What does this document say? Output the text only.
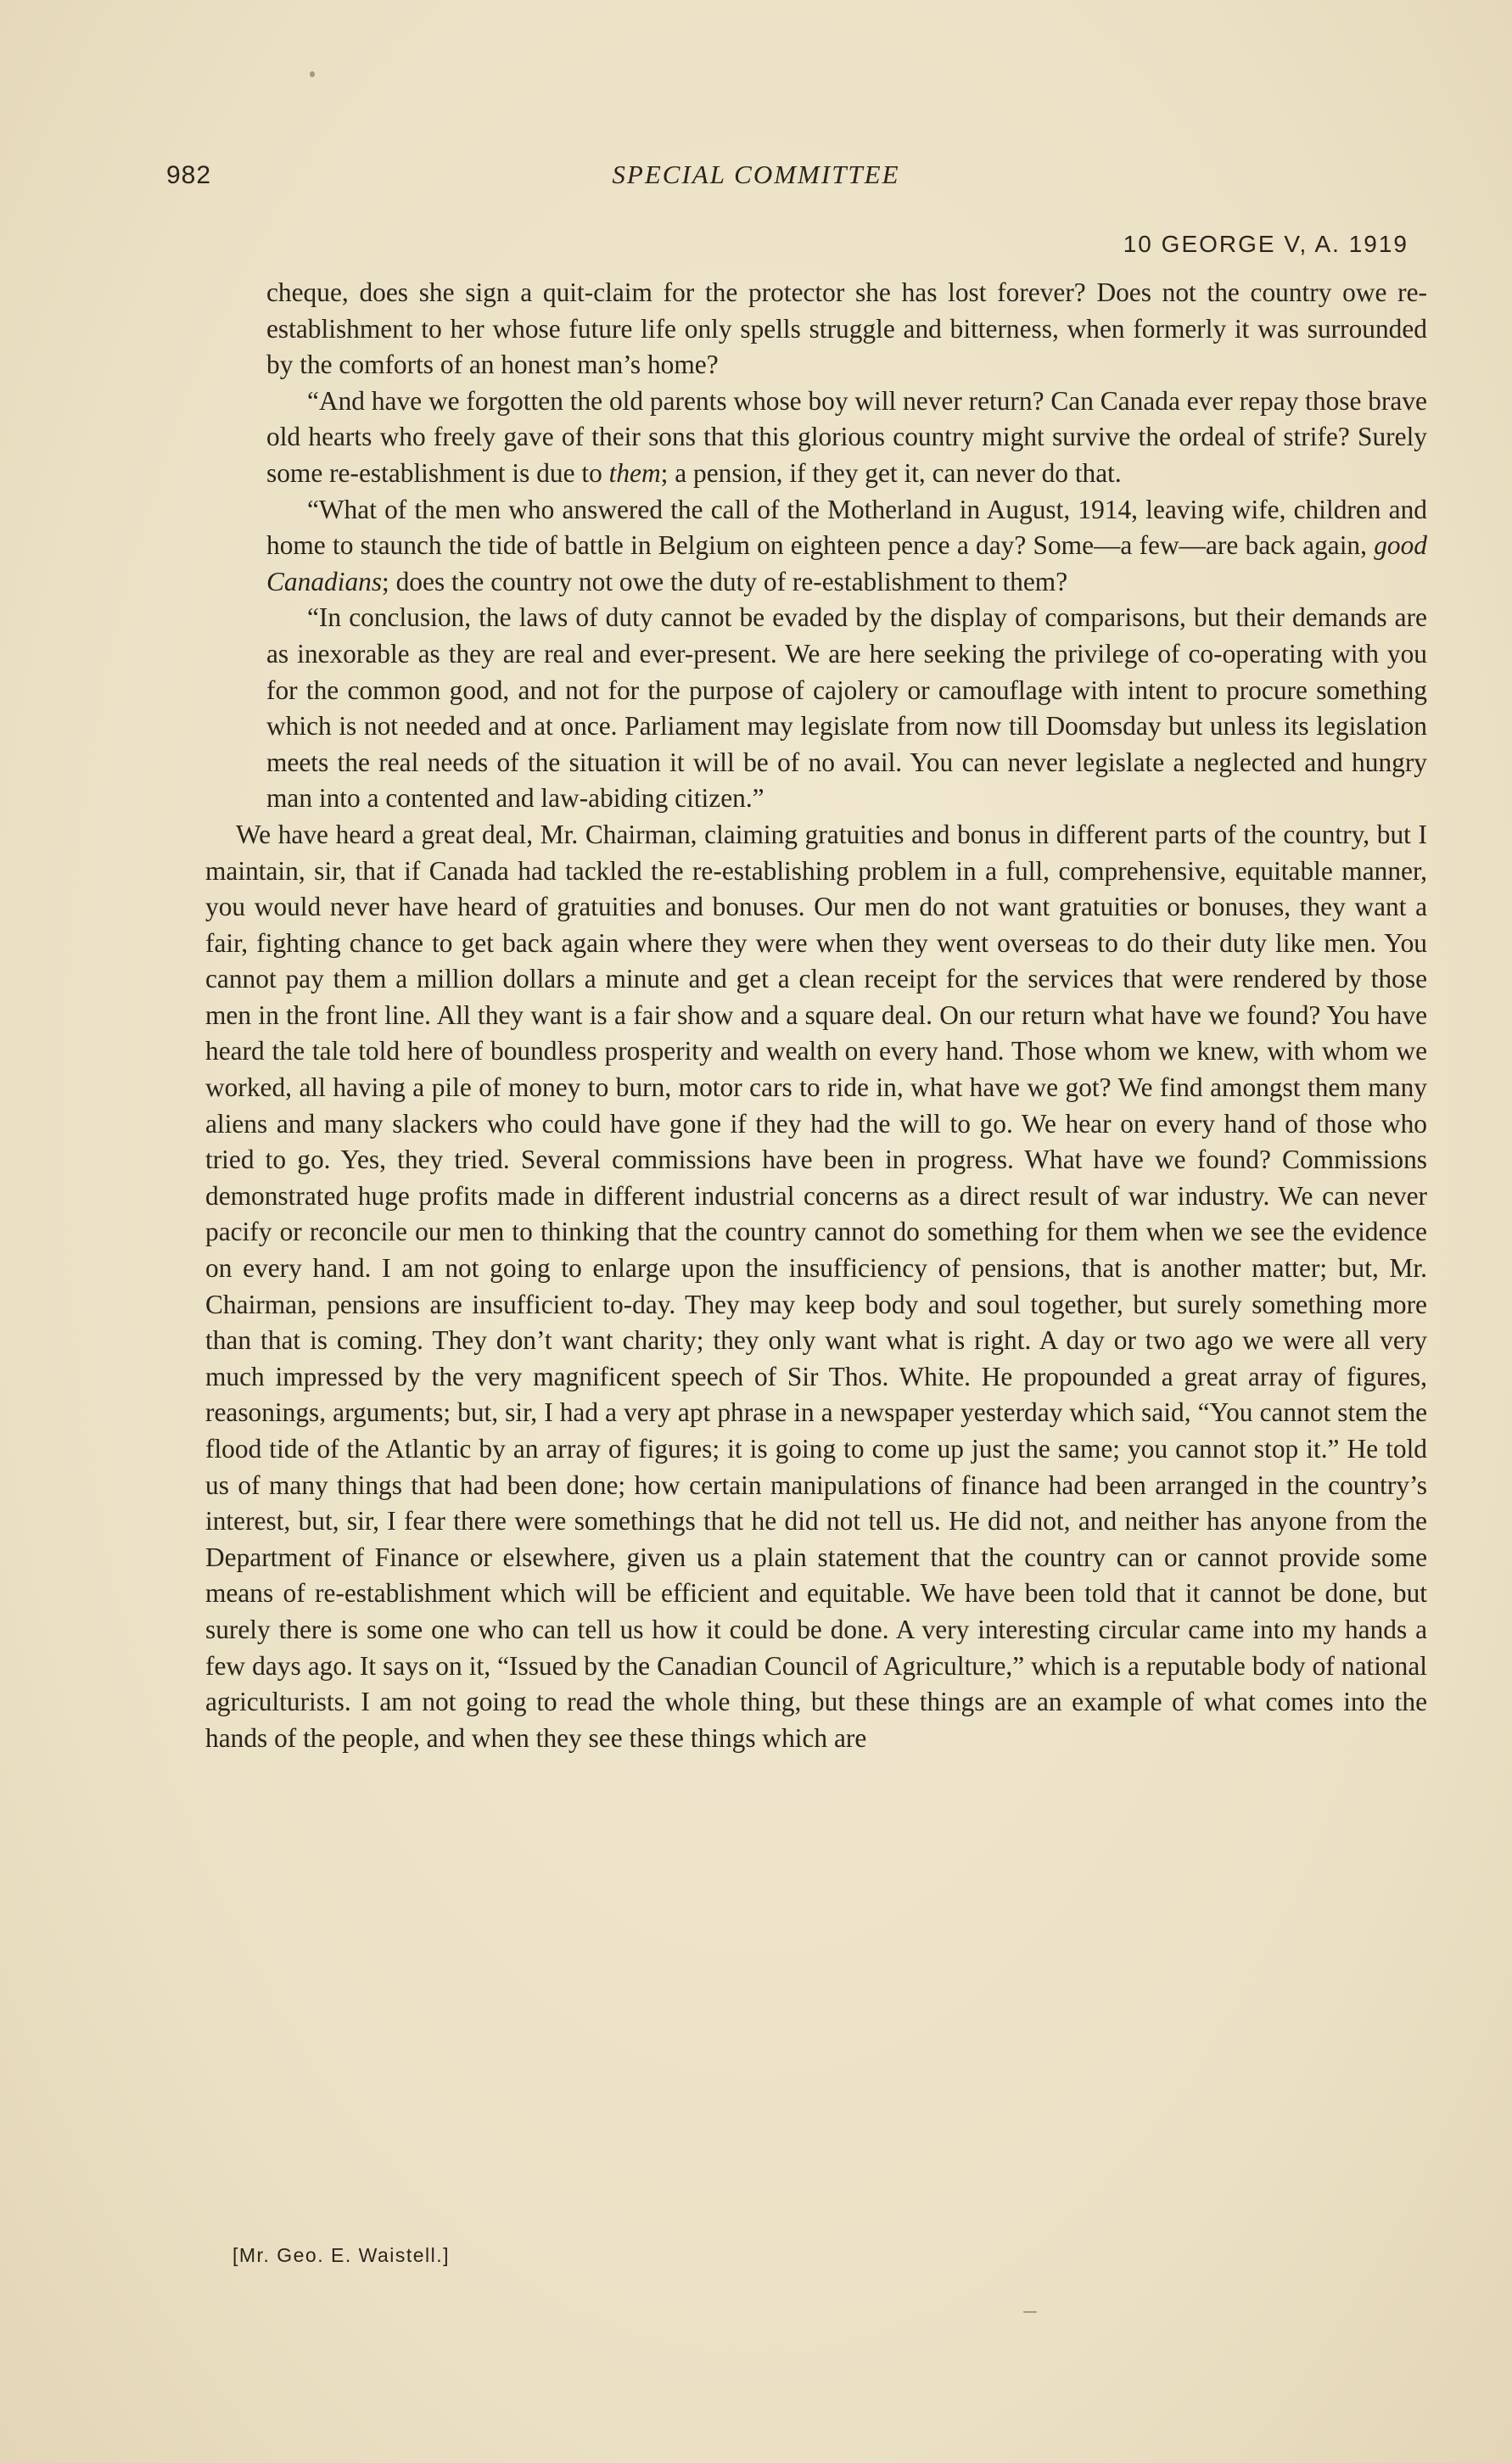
982	SPECIAL COMMITTEE
10 GEORGE V, A. 1919

cheque, does she sign a quit-claim for the protector she has lost forever? Does not the country owe re-establishment to her whose future life only spells struggle and bitterness, when formerly it was surrounded by the comforts of an honest man’s home?

“And have we forgotten the old parents whose boy will never return? Can Canada ever repay those brave old hearts who freely gave of their sons that this glorious country might survive the ordeal of strife? Surely some re-establishment is due to them; a pension, if they get it, can never do that.

“What of the men who answered the call of the Motherland in August, 1914, leaving wife, children and home to staunch the tide of battle in Belgium on eighteen pence a day? Some—a few—are back again, good Canadians; does the country not owe the duty of re-establishment to them?

“In conclusion, the laws of duty cannot be evaded by the display of comparisons, but their demands are as inexorable as they are real and ever-present. We are here seeking the privilege of co-operating with you for the common good, and not for the purpose of cajolery or camouflage with intent to procure something which is not needed and at once. Parliament may legislate from now till Doomsday but unless its legislation meets the real needs of the situation it will be of no avail. You can never legislate a neglected and hungry man into a contented and law-abiding citizen.”

We have heard a great deal, Mr. Chairman, claiming gratuities and bonus in different parts of the country, but I maintain, sir, that if Canada had tackled the re-establishing problem in a full, comprehensive, equitable manner, you would never have heard of gratuities and bonuses. Our men do not want gratuities or bonuses, they want a fair, fighting chance to get back again where they were when they went overseas to do their duty like men. You cannot pay them a million dollars a minute and get a clean receipt for the services that were rendered by those men in the front line. All they want is a fair show and a square deal. On our return what have we found? You have heard the tale told here of boundless prosperity and wealth on every hand. Those whom we knew, with whom we worked, all having a pile of money to burn, motor cars to ride in, what have we got? We find amongst them many aliens and many slackers who could have gone if they had the will to go. We hear on every hand of those who tried to go. Yes, they tried. Several commissions have been in progress. What have we found? Commissions demonstrated huge profits made in different industrial concerns as a direct result of war industry. We can never pacify or reconcile our men to thinking that the country cannot do something for them when we see the evidence on every hand. I am not going to enlarge upon the insufficiency of pensions, that is another matter; but, Mr. Chairman, pensions are insufficient to-day. They may keep body and soul together, but surely something more than that is coming. They don’t want charity; they only want what is right. A day or two ago we were all very much impressed by the very magnificent speech of Sir Thos. White. He propounded a great array of figures, reasonings, arguments; but, sir, I had a very apt phrase in a newspaper yesterday which said, “You cannot stem the flood tide of the Atlantic by an array of figures; it is going to come up just the same; you cannot stop it.” He told us of many things that had been done; how certain manipulations of finance had been arranged in the country’s interest, but, sir, I fear there were somethings that he did not tell us. He did not, and neither has anyone from the Department of Finance or elsewhere, given us a plain statement that the country can or cannot provide some means of re-establishment which will be efficient and equitable. We have been told that it cannot be done, but surely there is some one who can tell us how it could be done. A very interesting circular came into my hands a few days ago. It says on it, “Issued by the Canadian Council of Agriculture,” which is a reputable body of national agriculturists. I am not going to read the whole thing, but these things are an example of what comes into the hands of the people, and when they see these things which are

[Mr. Geo. E. Waistell.]
